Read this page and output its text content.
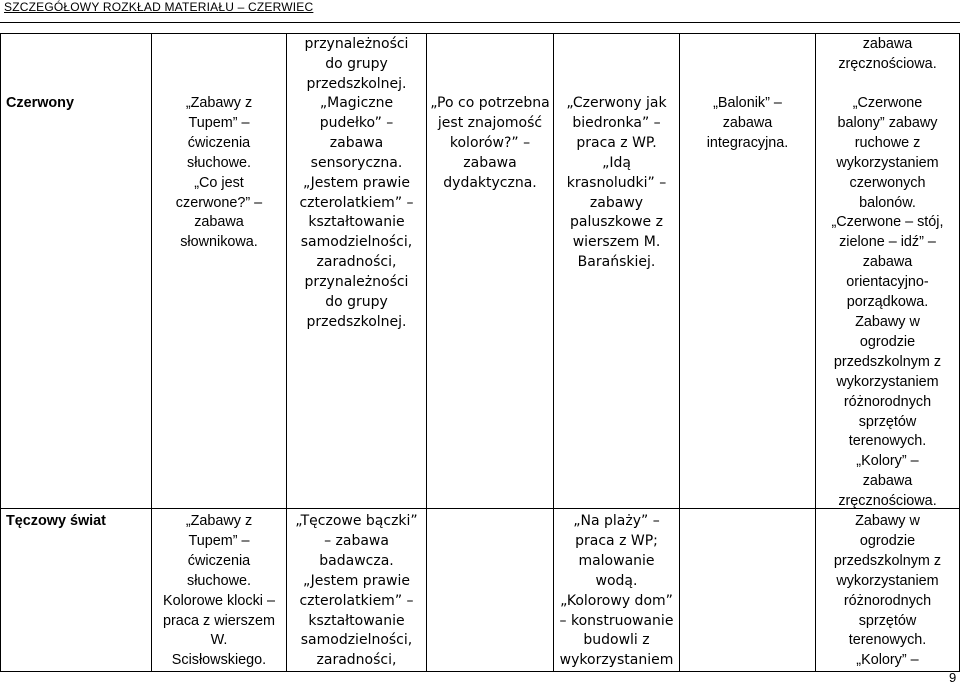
SZCZEGÓŁOWY ROZKŁAD MATERIAŁU – CZERWIEC
Czerwony	„Zabawy z
Tupem” –
ćwiczenia
słuchowe.
„Co jest
czerwone?” –
zabawa
słownikowa.
przynależności
do grupy
przedszkolnej.
„Magiczne
pudełko” –
zabawa
sensoryczna.
„Jestem prawie
czterolatkiem” –
kształtowanie
samodzielności,
zaradności,
przynależności
do grupy
przedszkolnej.
„Po co potrzebna
jest znajomość
kolorów?” –
zabawa
dydaktyczna.
„Czerwony jak
biedronka” –
praca z WP.
„Idą
krasnoludki” –
zabawy
paluszkowe z
wierszem M.
Barańskiej.
„Balonik” –
zabawa
integracyjna.
zabawa
zręcznościowa.
„Czerwone
balony” zabawy
ruchowe z
wykorzystaniem
czerwonych
balonów.
„Czerwone – stój,
zielone – idź” –
zabawa
orientacyjno-
porządkowa.
Zabawy w
ogrodzie
przedszkolnym z
wykorzystaniem
różnorodnych
sprzętów
terenowych.
„Kolory” –
zabawa
zręcznościowa.
Tęczowy świat	„Zabawy z
Tupem” –
ćwiczenia
słuchowe.
Kolorowe klocki –
praca z wierszem
W.
Scisłowskiego.
„Tęczowe bączki”
– zabawa
badawcza.
„Jestem prawie
czterolatkiem” –
kształtowanie
samodzielności,
zaradności,
„Na plaży” –
praca z WP;
malowanie
wodą.
„Kolorowy dom”
– konstruowanie
budowli z
wykorzystaniem
Zabawy w
ogrodzie
przedszkolnym z
wykorzystaniem
różnorodnych
sprzętów
terenowych.
„Kolory” –
9
